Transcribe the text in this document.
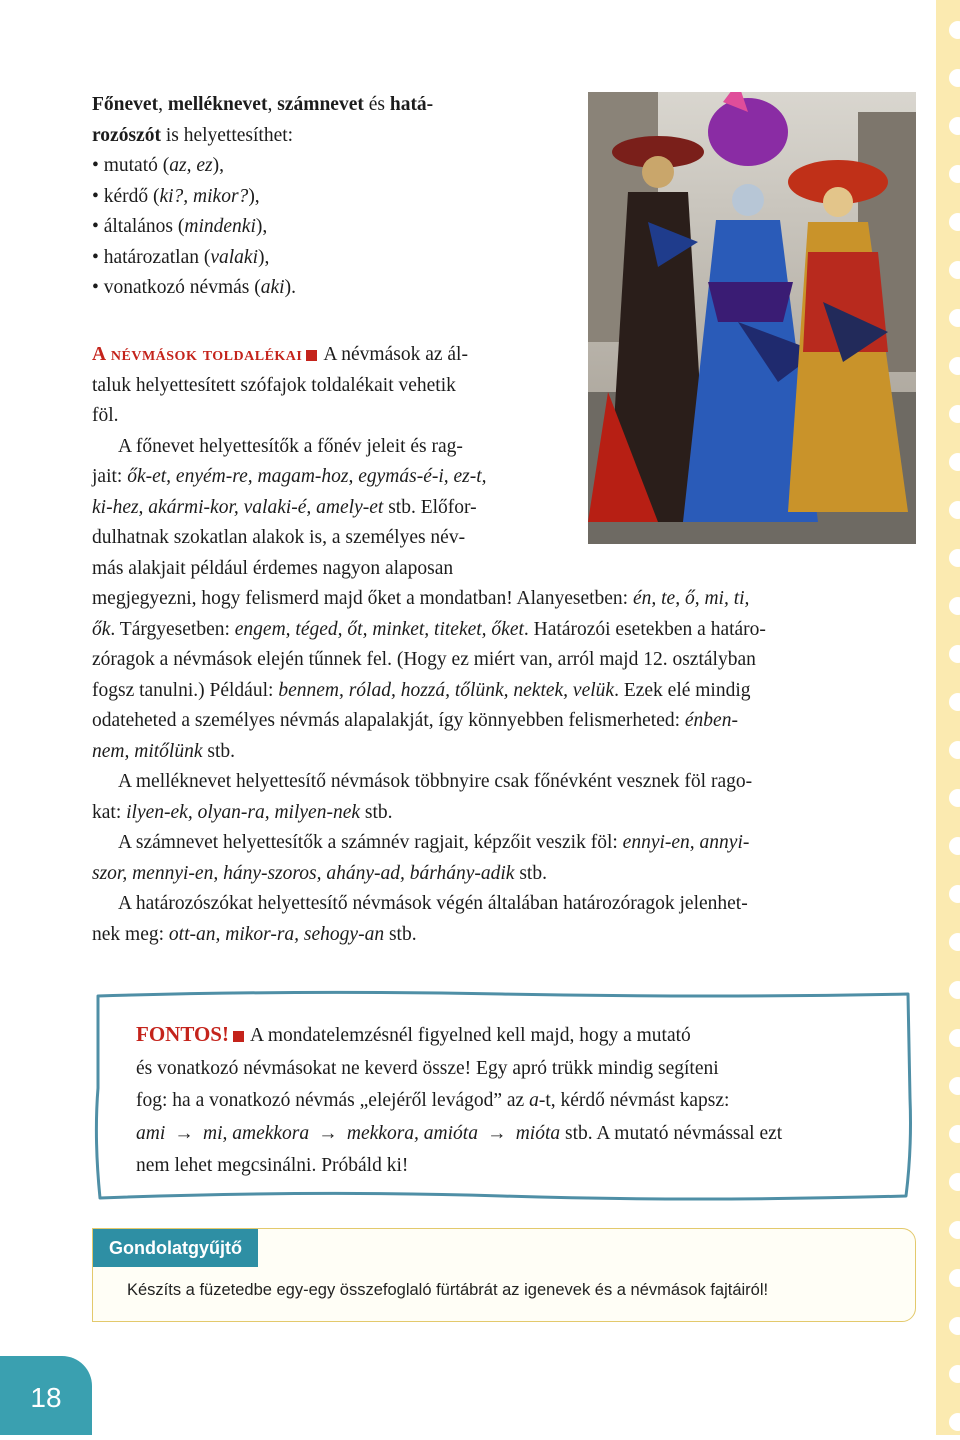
Főnevet, melléknevet, számnevet és hatá-

rozószót is helyettesíthet:

• mutató (az, ez),
• kérdő (ki?, mikor?),
• általános (mindenki),
• határozatlan (valaki),
• vonatkozó névmás (aki).

A névmások toldalékai A névmások az ál-

taluk helyettesített szófajok toldalékait vehetik

föl.

A főnevet helyettesítők a főnév jeleit és rag-

jait: ők-et, enyém-re, magam-hoz, egymás-é-i, ez-t,

ki-hez, akármi-kor, valaki-é, amely-et stb. Előfor-

dulhatnak szokatlan alakok is, a személyes név-

más alakjait például érdemes nagyon alaposan

megjegyezni, hogy felismerd majd őket a mondatban! Alanyesetben: én, te, ő, mi, ti,

ők. Tárgyesetben: engem, téged, őt, minket, titeket, őket. Határozói esetekben a határo-

zóragok a névmások elején tűnnek fel. (Hogy ez miért van, arról majd 12. osztályban

fogsz tanulni.) Például: bennem, rólad, hozzá, tőlünk, nektek, velük. Ezek elé mindig

odateheted a személyes névmás alapalakját, így könnyebben felismerheted: énben-

nem, mitőlünk stb.

A melléknevet helyettesítő névmások többnyire csak főnévként vesznek föl rago-

kat: ilyen-ek, olyan-ra, milyen-nek stb.

A számnevet helyettesítők a számnév ragjait, képzőit veszik föl: ennyi-en, annyi-

szor, mennyi-en, hány-szoros, ahány-ad, bárhány-adik stb.

A határozószókat helyettesítő névmások végén általában határozóragok jelenhet-

nek meg: ott-an, mikor-ra, sehogy-an stb.

FONTOS! A mondatelemzésnél figyelned kell majd, hogy a mutató
és vonatkozó névmásokat ne keverd össze! Egy apró trükk mindig segíteni
fog: ha a vonatkozó névmás „elejéről levágod” az a-t, kérdő névmást kapsz:
ami → mi, amekkora → mekkora, amióta → mióta stb. A mutató névmással ezt
nem lehet megcsinálni. Próbáld ki!
Gondolatgyűjtő
Készíts a füzetedbe egy-egy összefoglaló fürtábrát az igenevek és a névmások fajtáiról!
18
